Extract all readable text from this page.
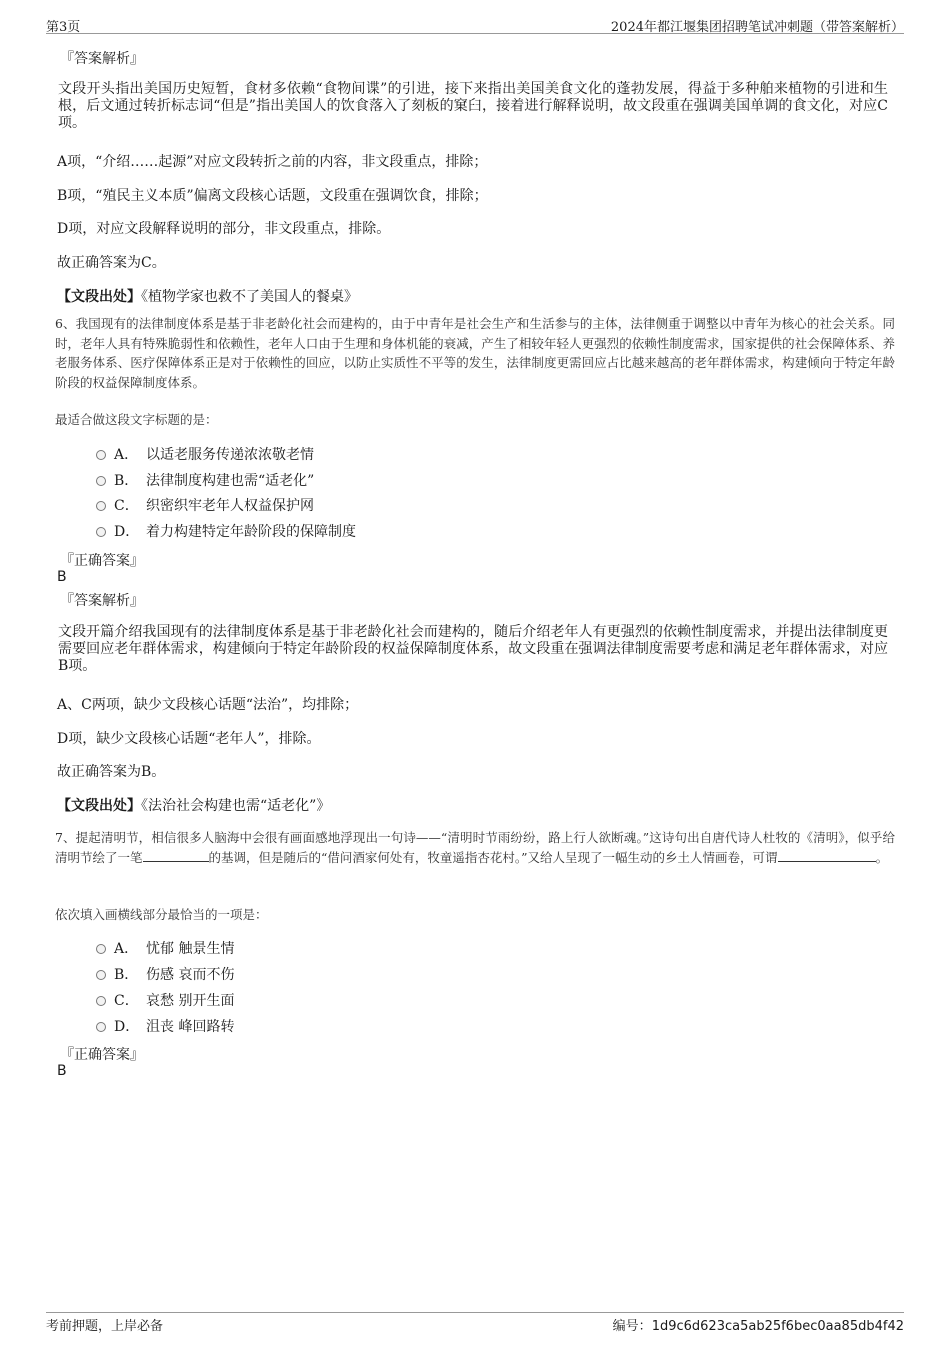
第3页	2024年都江堰集团招聘笔试冲刺题（带答案解析）
『答案解析』
文段开头指出美国历史短暂，食材多依赖“食物间谍”的引进，接下来指出美国美食文化的蓬勃发展，得益于多种舶来植物的引进和生根，后文通过转折标志词“但是”指出美国人的饮食落入了刻板的窠臼，接着进行解释说明，故文段重在强调美国单调的食文化，对应C项。
A项，“介绍……起源”对应文段转折之前的内容，非文段重点，排除；
B项，“殖民主义本质”偏离文段核心话题，文段重在强调饮食，排除；
D项，对应文段解释说明的部分，非文段重点，排除。
故正确答案为C。
【文段出处】《植物学家也救不了美国人的餐桌》
6、我国现有的法律制度体系是基于非老龄化社会而建构的，由于中青年是社会生产和生活参与的主体，法律侧重于调整以中青年为核心的社会关系。同时，老年人具有特殊脆弱性和依赖性，老年人口由于生理和身体机能的衰减，产生了相较年轻人更强烈的依赖性制度需求，国家提供的社会保障体系、养老服务体系、医疗保障体系正是对于依赖性的回应，以防止实质性不平等的发生，法律制度更需回应占比越来越高的老年群体需求，构建倾向于特定年龄阶段的权益保障制度体系。
最适合做这段文字标题的是：
A． 以适老服务传递浓浓敬老情
B． 法律制度构建也需“适老化”
C． 织密织牢老年人权益保护网
D． 着力构建特定年龄阶段的保障制度
『正确答案』
B
『答案解析』
文段开篇介绍我国现有的法律制度体系是基于非老龄化社会而建构的，随后介绍老年人有更强烈的依赖性制度需求，并提出法律制度更需要回应老年群体需求，构建倾向于特定年龄阶段的权益保障制度体系，故文段重在强调法律制度需要考虑和满足老年群体需求，对应B项。
A、C两项，缺少文段核心话题“法治”，均排除；
D项，缺少文段核心话题“老年人”，排除。
故正确答案为B。
【文段出处】《法治社会构建也需“适老化”》
7、提起清明节，相信很多人脑海中会很有画面感地浮现出一句诗——“清明时节雨纷纷，路上行人欲断魂。”这诗句出自唐代诗人杜牧的《清明》，似乎给清明节绘了一笔	的基调，但是随后的“借问酒家何处有，牧童遥指杏花村。”又给人呈现了一幅生动的乡土人情画卷，可谓	。
依次填入画横线部分最恰当的一项是：
A． 忧郁 触景生情
B． 伤感 哀而不伤
C． 哀愁 别开生面
D． 沮丧 峰回路转
『正确答案』
B
考前押题，上岸必备	编号：1d9c6d623ca5ab25f6bec0aa85db4f42
